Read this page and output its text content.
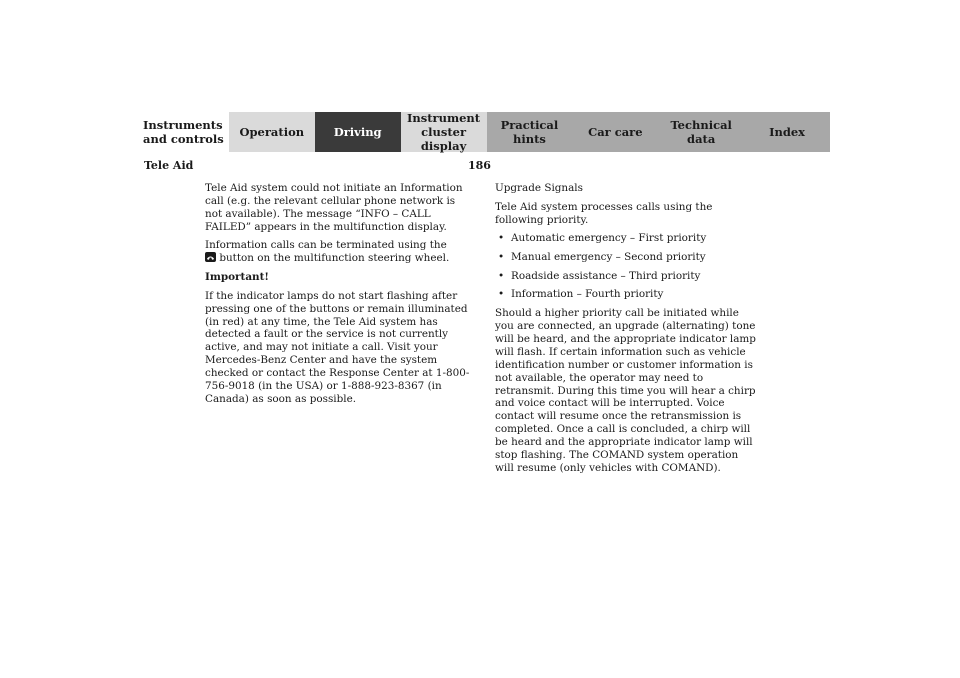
Instruments
and controls	Operation	Driving
Instrument
cluster display
Practical hints	Car care	Technical
data	Index
Tele Aid	186

Tele Aid system could not initiate an Information call (e.g. the relevant cellular phone network is not available). The message “INFO – CALL FAILED” appears in the multifunction display.

Information calls can be terminated using the

button on the multifunction steering wheel.

Important!

If the indicator lamps do not start flashing after pressing one of the buttons or remain illuminated (in red) at any time, the Tele Aid system has detected a fault or the service is not currently active, and may not initiate a call. Visit your Mercedes-Benz Center and have the system checked or contact the Response Center at 1-800-756-9018 (in the USA) or 1-888-923-8367 (in Canada) as soon as possible.

Upgrade Signals

Tele Aid system processes calls using the following priority.

• Automatic emergency – First priority
• Manual emergency – Second priority
• Roadside assistance – Third priority
• Information – Fourth priority

Should a higher priority call be initiated while you are connected, an upgrade (alternating) tone will be heard, and the appropriate indicator lamp will flash. If certain information such as vehicle identification number or customer information is not available, the operator may need to retransmit. During this time you will hear a chirp and voice contact will be interrupted. Voice contact will resume once the retransmission is completed. Once a call is concluded, a chirp will be heard and the appropriate indicator lamp will stop flashing. The COMAND system operation will resume (only vehicles with COMAND).
